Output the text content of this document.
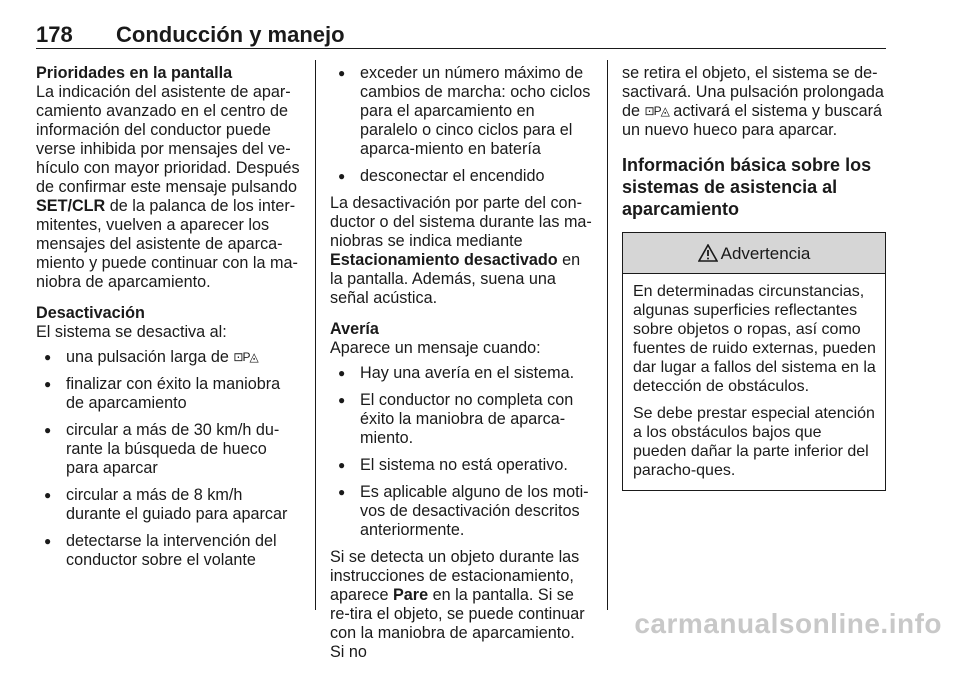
178 Conducción y manejo

Prioridades en la pantalla
La indicación del asistente de apar-camiento avanzado en el centro de información del conductor puede verse inhibida por mensajes del ve-hículo con mayor prioridad. Después de confirmar este mensaje pulsando SET/CLR de la palanca de los inter-mitentes, vuelven a aparecer los mensajes del asistente de aparca-miento y puede continuar con la ma-niobra de aparcamiento.

Desactivación
El sistema se desactiva al:

● una pulsación larga de ⊡P◬
● finalizar con éxito la maniobra de aparcamiento
● circular a más de 30 km/h du-rante la búsqueda de hueco para aparcar
● circular a más de 8 km/h durante el guiado para aparcar
● detectarse la intervención del conductor sobre el volante
● exceder un número máximo de cambios de marcha: ocho ciclos para el aparcamiento en paralelo o cinco ciclos para el aparca-miento en batería
● desconectar el encendido

La desactivación por parte del con-ductor o del sistema durante las ma-niobras se indica mediante Estacionamiento desactivado en la pantalla. Además, suena una señal acústica.

Avería
Aparece un mensaje cuando:

● Hay una avería en el sistema.
● El conductor no completa con éxito la maniobra de aparca-miento.
● El sistema no está operativo.
● Es aplicable alguno de los moti-vos de desactivación descritos anteriormente.

Si se detecta un objeto durante las instrucciones de estacionamiento, aparece Pare en la pantalla. Si se re-tira el objeto, se puede continuar con la maniobra de aparcamiento. Si no

se retira el objeto, el sistema se de-sactivará. Una pulsación prolongada de ⊡P◬ activará el sistema y buscará un nuevo hueco para aparcar.

Información básica sobre los sistemas de asistencia al aparcamiento
Advertencia

En determinadas circunstancias, algunas superficies reflectantes sobre objetos o ropas, así como fuentes de ruido externas, pueden dar lugar a fallos del sistema en la detección de obstáculos.

Se debe prestar especial atención a los obstáculos bajos que pueden dañar la parte inferior del paracho-ques.

carmanualsonline.info
